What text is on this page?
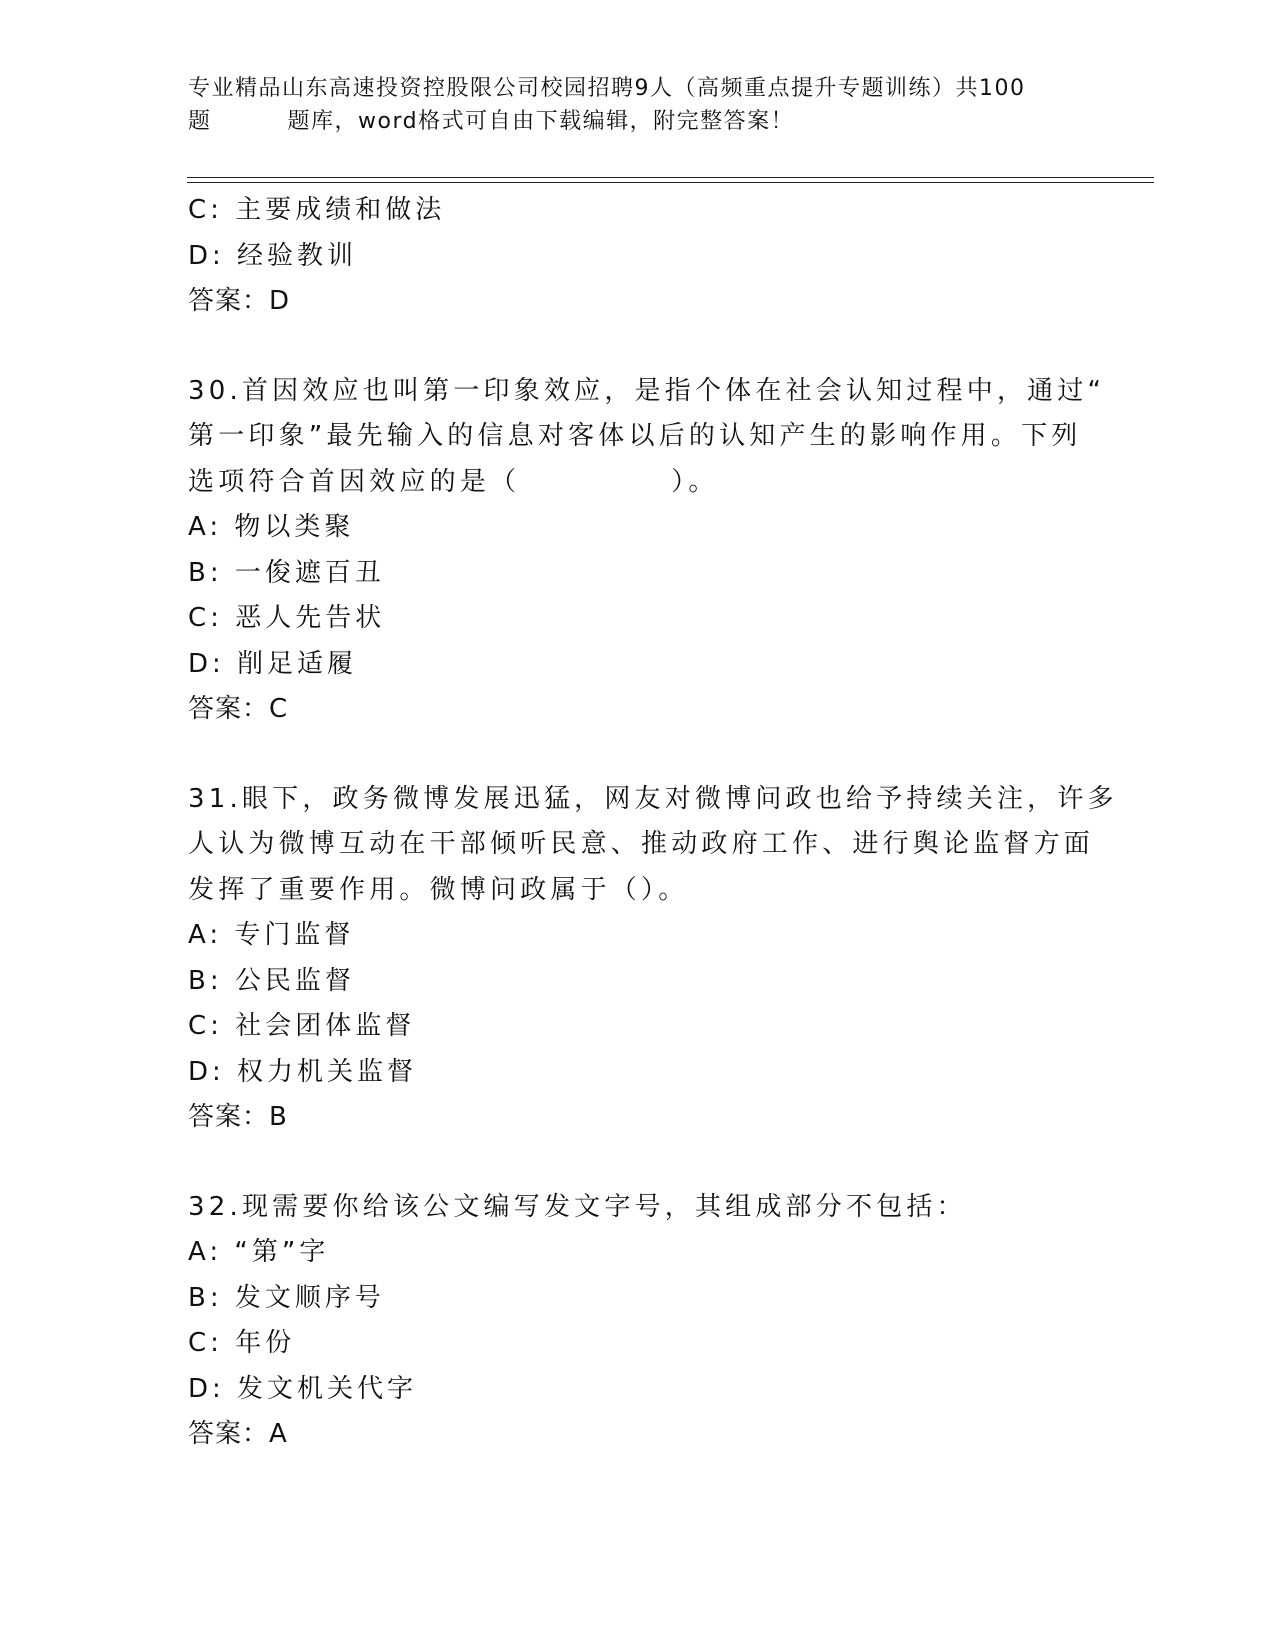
专业精品山东高速投资控股限公司校园招聘9人（高频重点提升专题训练）共100
题	题库，word格式可自由下载编辑，附完整答案！
C: 主要成绩和做法
D: 经验教训
答案：D
30.首因效应也叫第一印象效应，是指个体在社会认知过程中，通过“
第一印象”最先输入的信息对客体以后的认知产生的影响作用。下列
选项符合首因效应的是（　　　　　）。
A: 物以类聚
B: 一俊遮百丑
C: 恶人先告状
D: 削足适履
答案：C
31.眼下，政务微博发展迅猛，网友对微博问政也给予持续关注，许多
人认为微博互动在干部倾听民意、推动政府工作、进行舆论监督方面
发挥了重要作用。微博问政属于（）。
A: 专门监督
B: 公民监督
C: 社会团体监督
D: 权力机关监督
答案：B
32.现需要你给该公文编写发文字号，其组成部分不包括：
A: “第”字
B: 发文顺序号
C: 年份
D: 发文机关代字
答案：A
